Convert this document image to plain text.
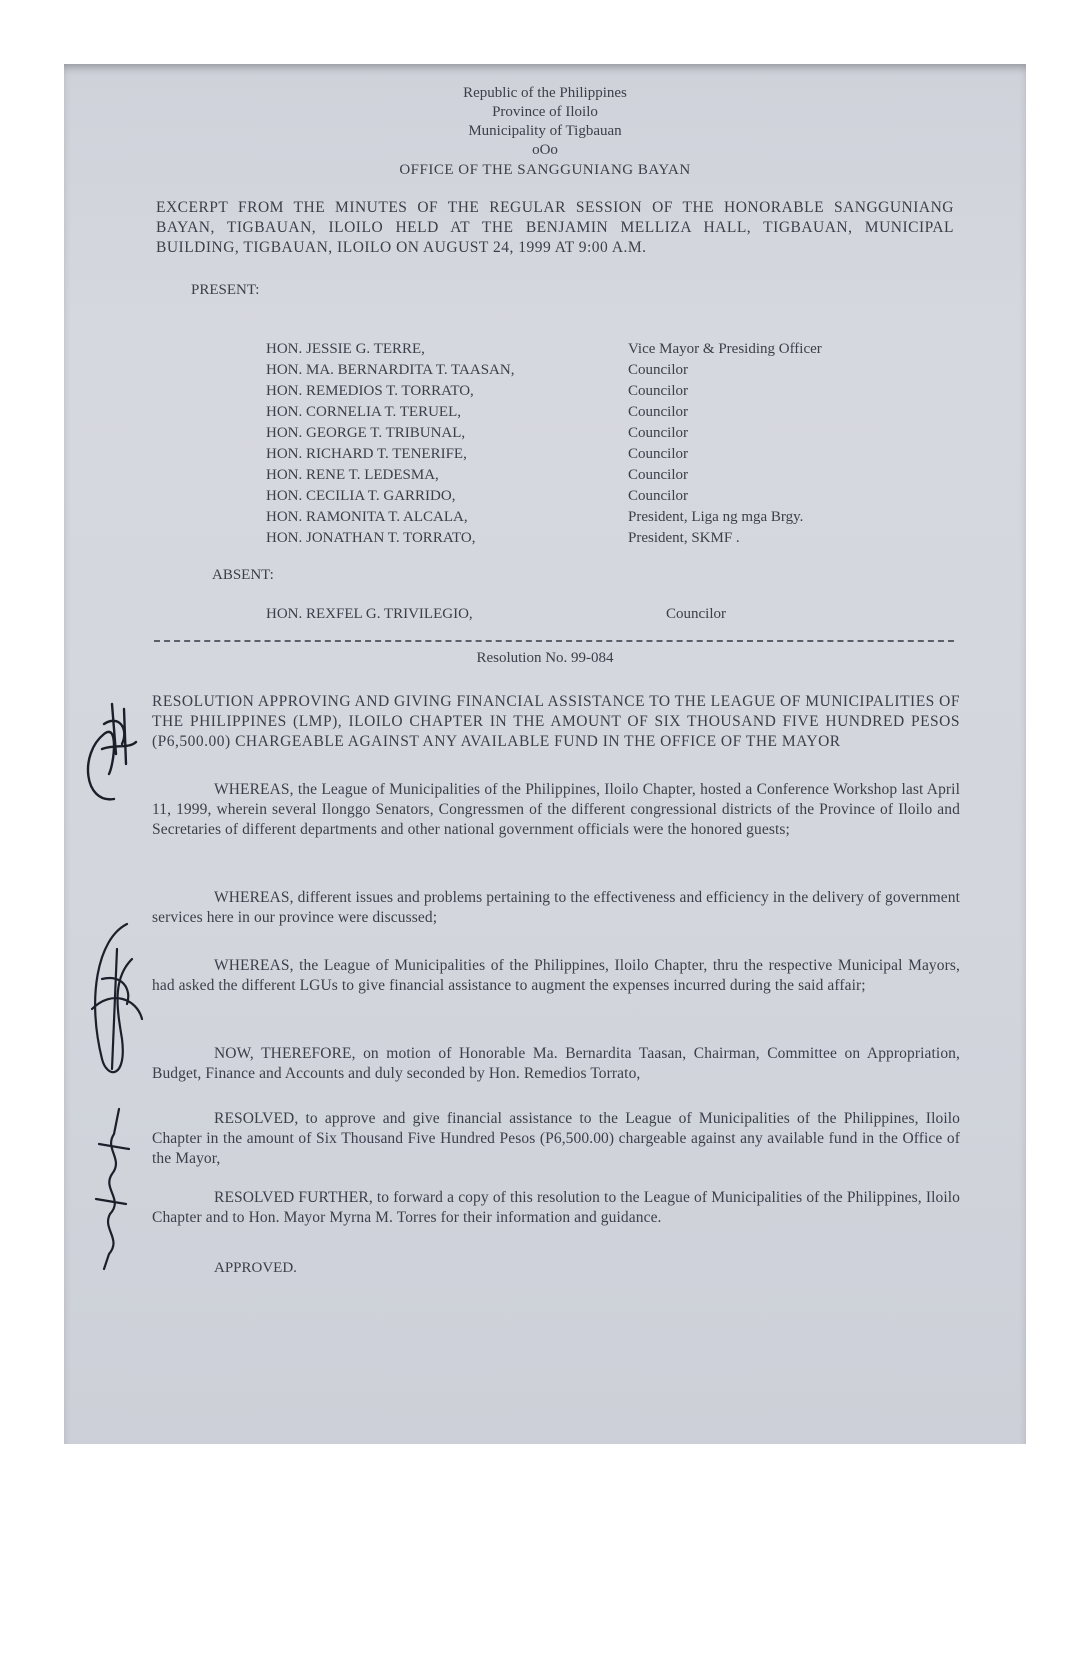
Republic of the Philippines
Province of Iloilo
Municipality of Tigbauan
oOo
OFFICE OF THE SANGGUNIANG BAYAN
EXCERPT FROM THE MINUTES OF THE REGULAR SESSION OF THE HONORABLE SANGGUNIANG BAYAN, TIGBAUAN, ILOILO HELD AT THE BENJAMIN MELLIZA HALL, TIGBAUAN, MUNICIPAL BUILDING, TIGBAUAN, ILOILO ON AUGUST 24, 1999 AT 9:00 A.M.
PRESENT:
HON. JESSIE G. TERRE,	Vice Mayor & Presiding Officer
HON. MA. BERNARDITA T. TAASAN,	Councilor
HON. REMEDIOS T. TORRATO,	Councilor
HON. CORNELIA T. TERUEL,	Councilor
HON. GEORGE T. TRIBUNAL,	Councilor
HON. RICHARD T. TENERIFE,	Councilor
HON. RENE T. LEDESMA,	Councilor
HON. CECILIA T. GARRIDO,	Councilor
HON. RAMONITA T. ALCALA,	President, Liga ng mga Brgy.
HON. JONATHAN T. TORRATO,	President, SKMF .
ABSENT:
HON. REXFEL G. TRIVILEGIO,	Councilor
Resolution No. 99-084
RESOLUTION APPROVING AND GIVING FINANCIAL ASSISTANCE TO THE LEAGUE OF MUNICIPALITIES OF THE PHILIPPINES (LMP), ILOILO CHAPTER IN THE AMOUNT OF SIX THOUSAND FIVE HUNDRED PESOS (P6,500.00) CHARGEABLE AGAINST ANY AVAILABLE FUND IN THE OFFICE OF THE MAYOR
WHEREAS, the League of Municipalities of the Philippines, Iloilo Chapter, hosted a Conference Workshop last April 11, 1999, wherein several Ilonggo Senators, Congressmen of the different congressional districts of the Province of Iloilo and Secretaries of different departments and other national government officials were the honored guests;
WHEREAS, different issues and problems pertaining to the effectiveness and efficiency in the delivery of government services here in our province were discussed;
WHEREAS, the League of Municipalities of the Philippines, Iloilo Chapter, thru the respective Municipal Mayors, had asked the different LGUs to give financial assistance to augment the expenses incurred during the said affair;
NOW, THEREFORE, on motion of Honorable Ma. Bernardita Taasan, Chairman, Committee on Appropriation, Budget, Finance and Accounts and duly seconded by Hon. Remedios Torrato,
RESOLVED, to approve and give financial assistance to the League of Municipalities of the Philippines, Iloilo Chapter in the amount of Six Thousand Five Hundred Pesos (P6,500.00) chargeable against any available fund in the Office of the Mayor,
RESOLVED FURTHER, to forward a copy of this resolution to the League of Municipalities of the Philippines, Iloilo Chapter and to Hon. Mayor Myrna M. Torres for their information and guidance.
APPROVED.
